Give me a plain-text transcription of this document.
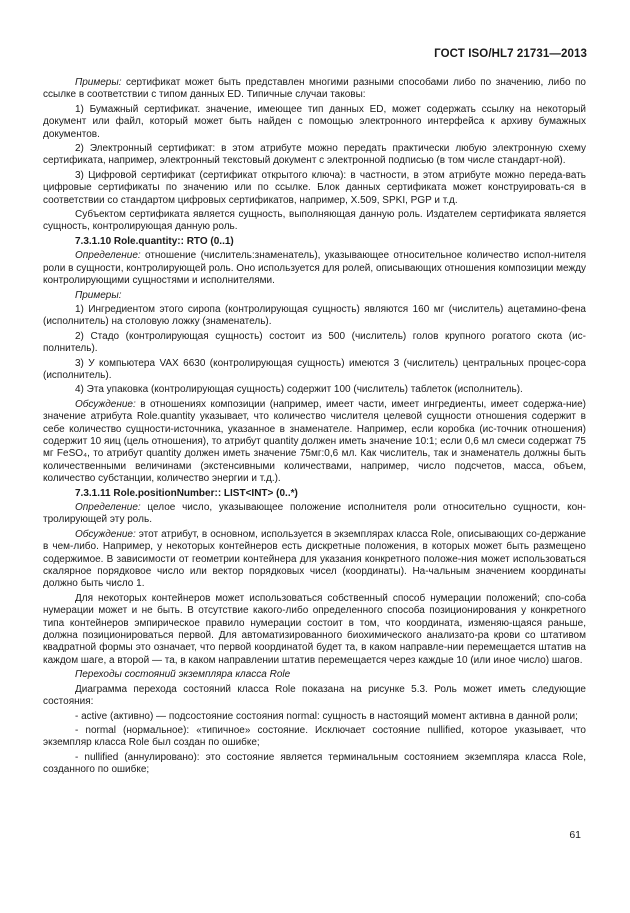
ГОСТ ISO/HL7 21731—2013

Примеры: сертификат может быть представлен многими разными способами либо по значению, либо по ссылке в соответствии с типом данных ED. Типичные случаи таковы:

1) Бумажный сертификат. значение, имеющее тип данных ED, может содержать ссылку на некоторый документ или файл, который может быть найден с помощью электронного интерфейса к архиву бумажных документов.

2) Электронный сертификат: в этом атрибуте можно передать практически любую электронную схему сертификата, например, электронный текстовый документ с электронной подписью (в том числе стандарт-ной).

3) Цифровой сертификат (сертификат открытого ключа): в частности, в этом атрибуте можно переда-вать цифровые сертификаты по значению или по ссылке. Блок данных сертификата может конструировать-ся в соответствии со стандартом цифровых сертификатов, например, X.509, SPKI, PGP и т.д.

Субъектом сертификата является сущность, выполняющая данную роль. Издателем сертификата является сущность, контролирующая данную роль.

7.3.1.10 Role.quantity:: RTO (0..1)

Определение: отношение (числитель:знаменатель), указывающее относительное количество испол-нителя роли в сущности, контролирующей роль. Оно используется для ролей, описывающих отношения композиции между контролирующими сущностями и исполнителями.

Примеры:

1) Ингредиентом этого сиропа (контролирующая сущность) являются 160 мг (числитель) ацетамино-фена (исполнитель) на столовую ложку (знаменатель).

2) Стадо (контролирующая сущность) состоит из 500 (числитель) голов крупного рогатого скота (ис-полнитель).

3) У компьютера VAX 6630 (контролирующая сущность) имеются 3 (числитель) центральных процес-сора (исполнитель).

4) Эта упаковка (контролирующая сущность) содержит 100 (числитель) таблеток (исполнитель).

Обсуждение: в отношениях композиции (например, имеет части, имеет ингредиенты, имеет содержа-ние) значение атрибута Role.quantity указывает, что количество числителя целевой сущности отношения содержит в себе количество сущности-источника, указанное в знаменателе. Например, если коробка (ис-точник отношения) содержит 10 яиц (цель отношения), то атрибут quantity должен иметь значение 10:1; если 0,6 мл смеси содержат 75 мг FeSO₄, то атрибут quantity должен иметь значение 75мг:0,6 мл. Как числитель, так и знаменатель должны быть количественными величинами (экстенсивными количествами, например, число подсчетов, масса, объем, количество субстанции, количество энергии и т.д.).

7.3.1.11 Role.positionNumber:: LIST<INT> (0..*)

Определение: целое число, указывающее положение исполнителя роли относительно сущности, кон-тролирующей эту роль.

Обсуждение: этот атрибут, в основном, используется в экземплярах класса Role, описывающих со-держание в чем-либо. Например, у некоторых контейнеров есть дискретные положения, в которых может быть размещено содержимое. В зависимости от геометрии контейнера для указания конкретного положе-ния может использоваться скалярное порядковое число или вектор порядковых чисел (координаты). На-чальным значением координаты должно быть число 1.

Для некоторых контейнеров может использоваться собственный способ нумерации положений; спо-соба нумерации может и не быть. В отсутствие какого-либо определенного способа позиционирования у конкретного типа контейнеров эмпирическое правило нумерации состоит в том, что координата, изменяю-щаяся раньше, должна позиционироваться первой. Для автоматизированного биохимического анализато-ра крови со штативом квадратной формы это означает, что первой координатой будет та, в каком направле-нии перемещается штатив на каждом шаге, а второй — та, в каком направлении штатив перемещается через каждые 10 (или иное число) шагов.

Переходы состояний экземпляра класса Role

Диаграмма перехода состояний класса Role показана на рисунке 5.3. Роль может иметь следующие состояния:

- active (активно) — подсостояние состояния normal: сущность в настоящий момент активна в данной роли;

- normal (нормальное): «типичное» состояние. Исключает состояние nullified, которое указывает, что экземпляр класса Role был создан по ошибке;

- nullified (аннулировано): это состояние является терминальным состоянием экземпляра класса Role, созданного по ошибке;

61
